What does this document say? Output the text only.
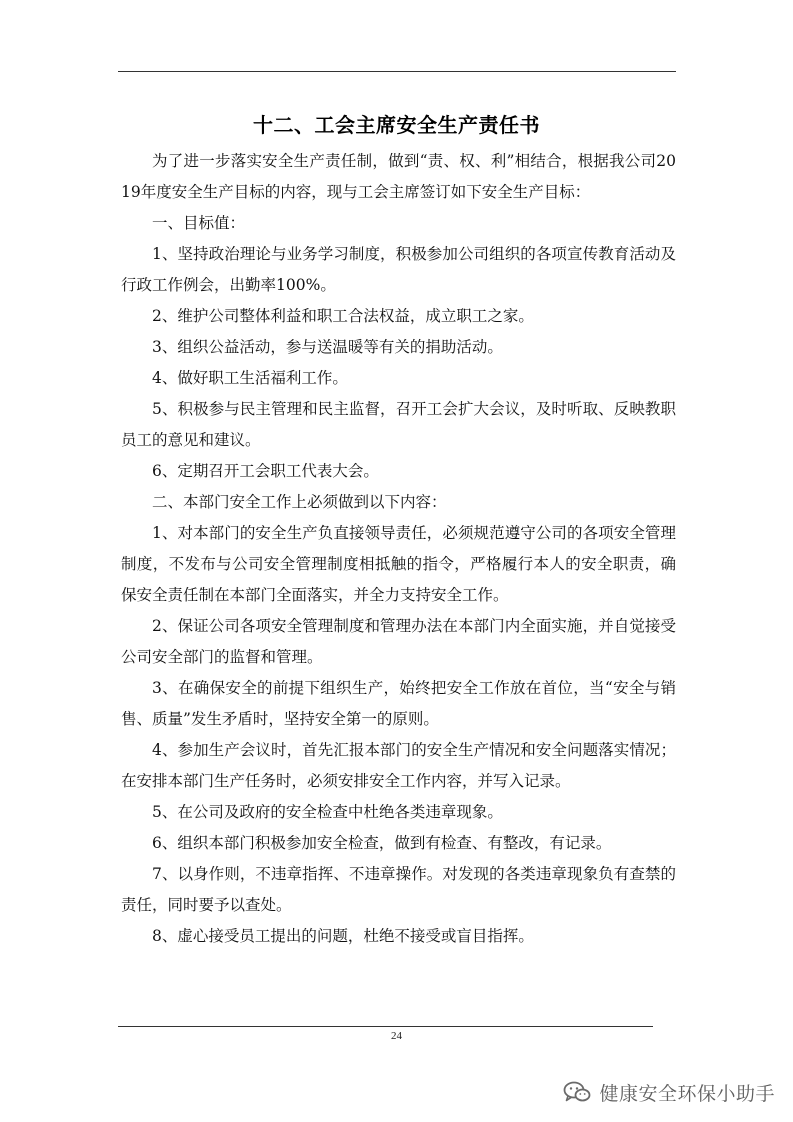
十二、工会主席安全生产责任书

为了进一步落实安全生产责任制，做到“责、权、利”相结合，根据我公司2019年度安全生产目标的内容，现与工会主席签订如下安全生产目标：

一、目标值：

1、坚持政治理论与业务学习制度，积极参加公司组织的各项宣传教育活动及行政工作例会，出勤率100%。

2、维护公司整体利益和职工合法权益，成立职工之家。

3、组织公益活动，参与送温暖等有关的捐助活动。

4、做好职工生活福利工作。

5、积极参与民主管理和民主监督，召开工会扩大会议，及时听取、反映教职员工的意见和建议。

6、定期召开工会职工代表大会。

二、本部门安全工作上必须做到以下内容：

1、对本部门的安全生产负直接领导责任，必须规范遵守公司的各项安全管理制度，不发布与公司安全管理制度相抵触的指令，严格履行本人的安全职责，确保安全责任制在本部门全面落实，并全力支持安全工作。

2、保证公司各项安全管理制度和管理办法在本部门内全面实施，并自觉接受公司安全部门的监督和管理。

3、在确保安全的前提下组织生产，始终把安全工作放在首位，当“安全与销售、质量”发生矛盾时，坚持安全第一的原则。

4、参加生产会议时，首先汇报本部门的安全生产情况和安全问题落实情况；在安排本部门生产任务时，必须安排安全工作内容，并写入记录。

5、在公司及政府的安全检查中杜绝各类违章现象。

6、组织本部门积极参加安全检查，做到有检查、有整改，有记录。

7、以身作则，不违章指挥、不违章操作。对发现的各类违章现象负有查禁的责任，同时要予以查处。

8、虚心接受员工提出的问题，杜绝不接受或盲目指挥。

24
健康安全环保小助手
